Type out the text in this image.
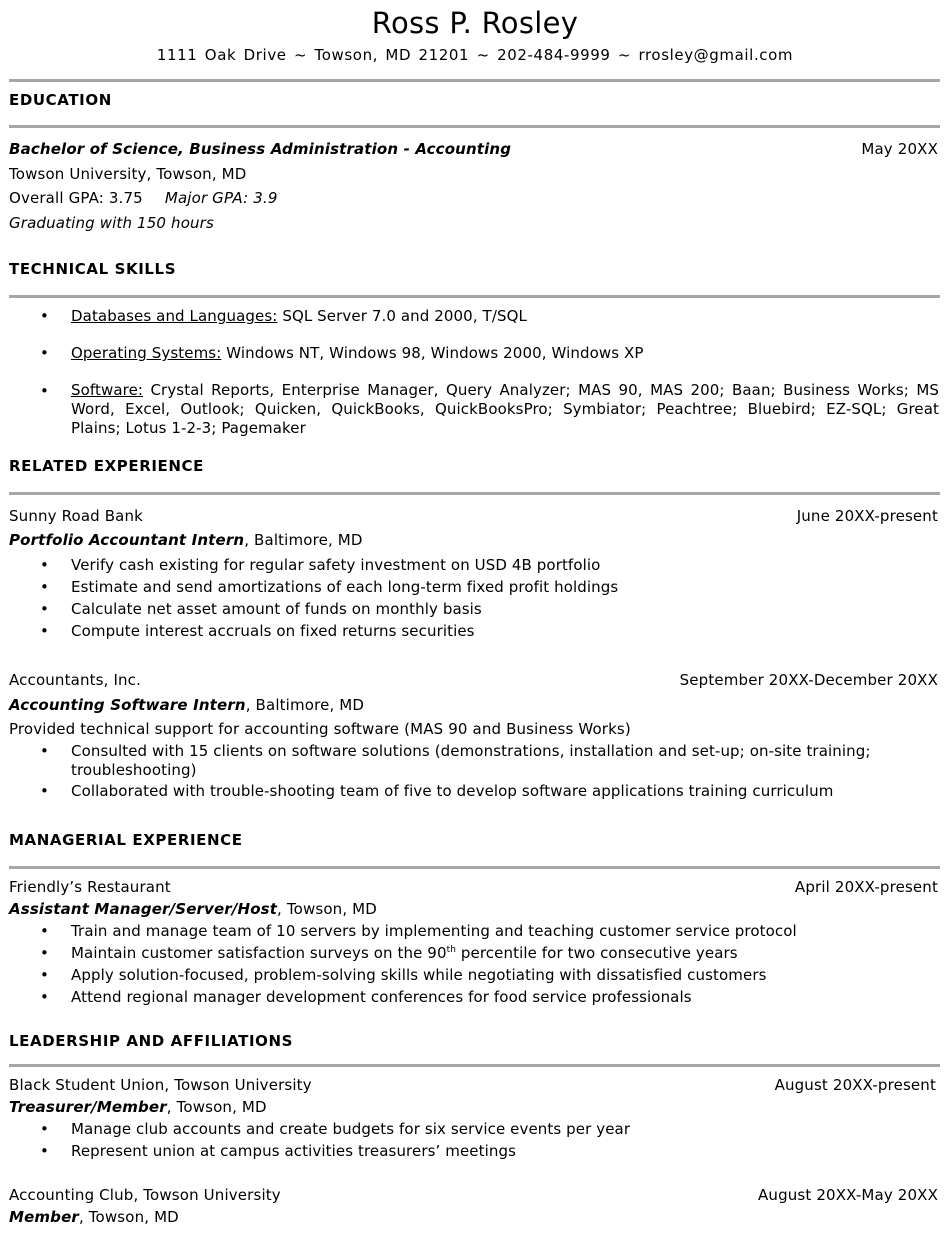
Ross P. Rosley
1111 Oak Drive ~ Towson, MD 21201 ~ 202-484-9999 ~ rrosley@gmail.com
EDUCATION
Bachelor of Science, Business Administration - Accounting	May 20XX
Towson University, Towson, MD
Overall GPA: 3.75 Major GPA: 3.9
Graduating with 150 hours
TECHNICAL SKILLS
• Databases and Languages: SQL Server 7.0 and 2000, T/SQL
• Operating Systems: Windows NT, Windows 98, Windows 2000, Windows XP
• Software: Crystal Reports, Enterprise Manager, Query Analyzer; MAS 90, MAS 200; Baan; Business Works; MS Word, Excel, Outlook; Quicken, QuickBooks, QuickBooksPro; Symbiator; Peachtree; Bluebird; EZ-SQL; Great Plains; Lotus 1-2-3; Pagemaker
RELATED EXPERIENCE
Sunny Road Bank	June 20XX-present
Portfolio Accountant Intern, Baltimore, MD
• Verify cash existing for regular safety investment on USD 4B portfolio
• Estimate and send amortizations of each long-term fixed profit holdings
• Calculate net asset amount of funds on monthly basis
• Compute interest accruals on fixed returns securities
Accountants, Inc.	September 20XX-December 20XX
Accounting Software Intern, Baltimore, MD
Provided technical support for accounting software (MAS 90 and Business Works)
• Consulted with 15 clients on software solutions (demonstrations, installation and set-up; on-site training; troubleshooting)
• Collaborated with trouble-shooting team of five to develop software applications training curriculum
MANAGERIAL EXPERIENCE
Friendly’s Restaurant	April 20XX-present
Assistant Manager/Server/Host, Towson, MD
• Train and manage team of 10 servers by implementing and teaching customer service protocol
• Maintain customer satisfaction surveys on the 90th percentile for two consecutive years
• Apply solution-focused, problem-solving skills while negotiating with dissatisfied customers
• Attend regional manager development conferences for food service professionals
LEADERSHIP AND AFFILIATIONS
Black Student Union, Towson University	August 20XX-present
Treasurer/Member, Towson, MD
• Manage club accounts and create budgets for six service events per year
• Represent union at campus activities treasurers’ meetings
Accounting Club, Towson University	August 20XX-May 20XX
Member, Towson, MD
